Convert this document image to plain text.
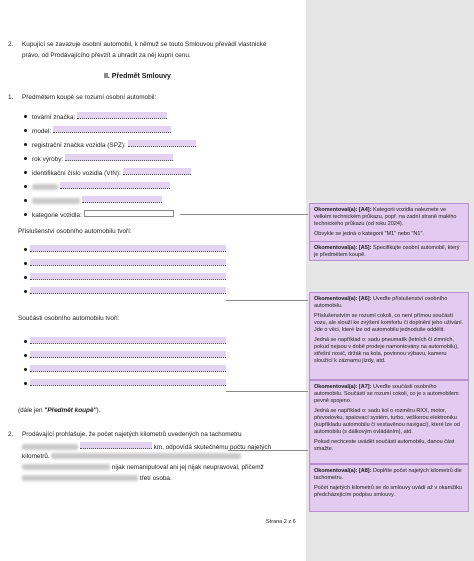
2. Kupující se zavazuje osobní automobil, k němuž se touto Smlouvou převádí vlastnické
právo, od Prodávajícího převzít a uhradit za něj kupní cenu.
II. Předmět Smlouvy
1. Předmětem koupě se rozumí osobní automobil:
tovární značka:
model:
registrační značka vozidla (SPZ):
rok výroby:
identifikační číslo vozidla (VIN):

kategorie vozidla:
Příslušenství osobního automobilu tvoří:
Součásti osobního automobilu tvoří:
(dále jen "Předmět koupě").
2. Prodávající prohlašuje, že počet najetých kilometrů uvedených na tachometru
km, odpovídá skutečnému počtu najetých
kilometrů.
nijak nemanipuloval ani jej nijak neupravoval, přičemž
třetí osoba.
Strana 2 z 6

Okomentoval(a): [A4]: Kategorii vozidla naleznete ve velkém technickém průkazu, popř. na zadní straně malého technického průkazu (od roku 2024).

Obvykle se jedná o kategorii "M1" nebo "N1".

Okomentoval(a): [A5]: Specifikujte osobní automobil, který je předmětem koupě.

Okomentoval(a): [A6]: Uveďte příslušenství osobního automobilu.

Příslušenstvím se rozumí cokoli, co není přímou součástí vozu, ale slouží ke zvýšení komfortu či doplnění jeho užívání. Jde o věci, které lze od automobilu jednoduše oddělit.

Jedná se například o: sadu pneumatik (letních či zimních, pokud nejsou v době prodeje namontovány na automobilu), střešní nosič, držák na kola, povinnou výbavu, kameru sloužící k záznamu jízdy, atd.

Okomentoval(a): [A7]: Uveďte součásti osobního automobilu. Součástí se rozumí cokoli, co je s automobilem pevně spojeno.

Jedná se například o: sadu kol o rozměru RXX, motor, převodovku, spalovací systém, turbo, veškerou elektroniku (kupříkladu automobilu či vestavěnou navigaci), které lze od automobilu (s dálkovým ovládáním), atd.

Pokud nechceste uvádět součásti automobilu, danou část smažte.

Okomentoval(a): [A8]: Doplňte počet najetých kilometrů dle tachometru.

Počet najetých kilometrů se do smlouvy uvádí až v okamžiku předcházejícím podpisu smlouvy.
